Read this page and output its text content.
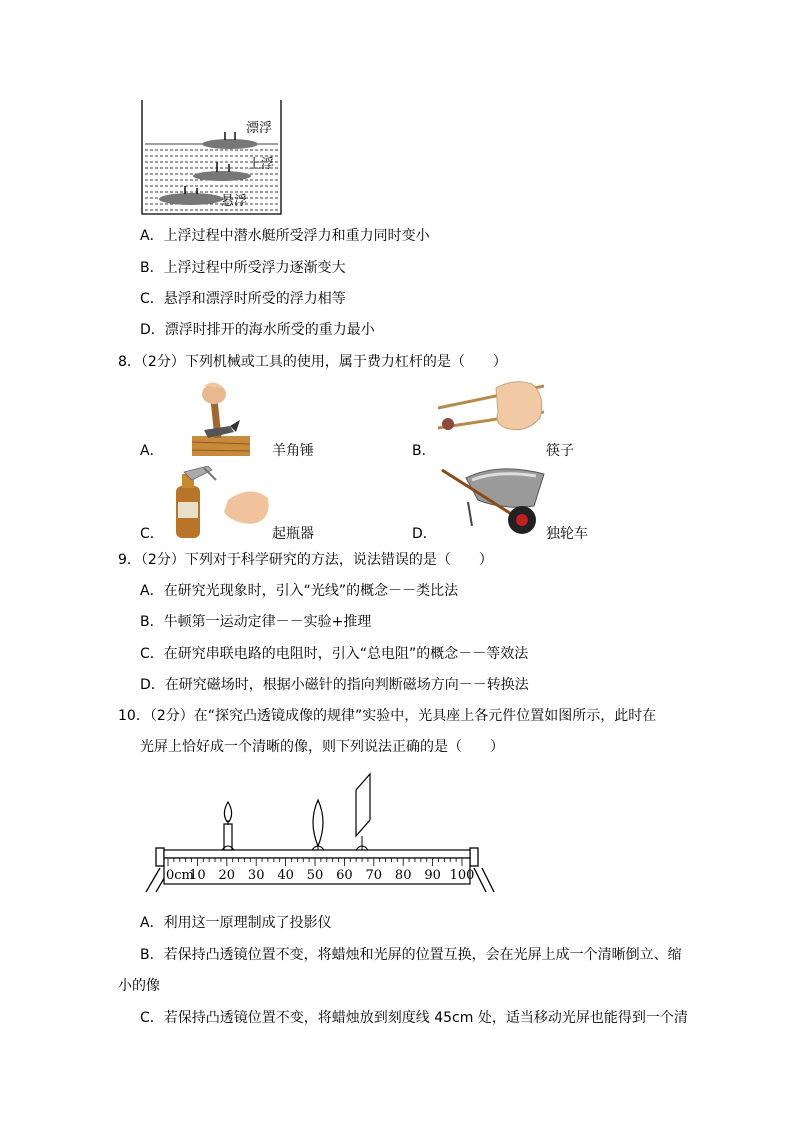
漂浮
上浮
悬浮
A．上浮过程中潜水艇所受浮力和重力同时变小
B．上浮过程中所受浮力逐渐变大
C．悬浮和漂浮时所受的浮力相等
D．漂浮时排开的海水所受的重力最小
8．（2分）下列机械或工具的使用，属于费力杠杆的是（　　）
A．	羊角锤	B．	筷子
C．	起瓶器	D．	独轮车
9．（2分）下列对于科学研究的方法，说法错误的是（　　）
A．在研究光现象时，引入“光线”的概念－－类比法
B．牛顿第一运动定律－－实验+推理
C．在研究串联电路的电阻时，引入“总电阻”的概念－－等效法
D．在研究磁场时，根据小磁针的指向判断磁场方向－－转换法
10．（2分）在“探究凸透镜成像的规律”实验中，光具座上各元件位置如图所示，此时在
光屏上恰好成一个清晰的像，则下列说法正确的是（　　）
0cm
10 20 30 40 50 60 70 80 90 100
A．利用这一原理制成了投影仪
B．若保持凸透镜位置不变，将蜡烛和光屏的位置互换，会在光屏上成一个清晰倒立、缩
小的像
C．若保持凸透镜位置不变，将蜡烛放到刻度线 45cm 处，适当移动光屏也能得到一个清
